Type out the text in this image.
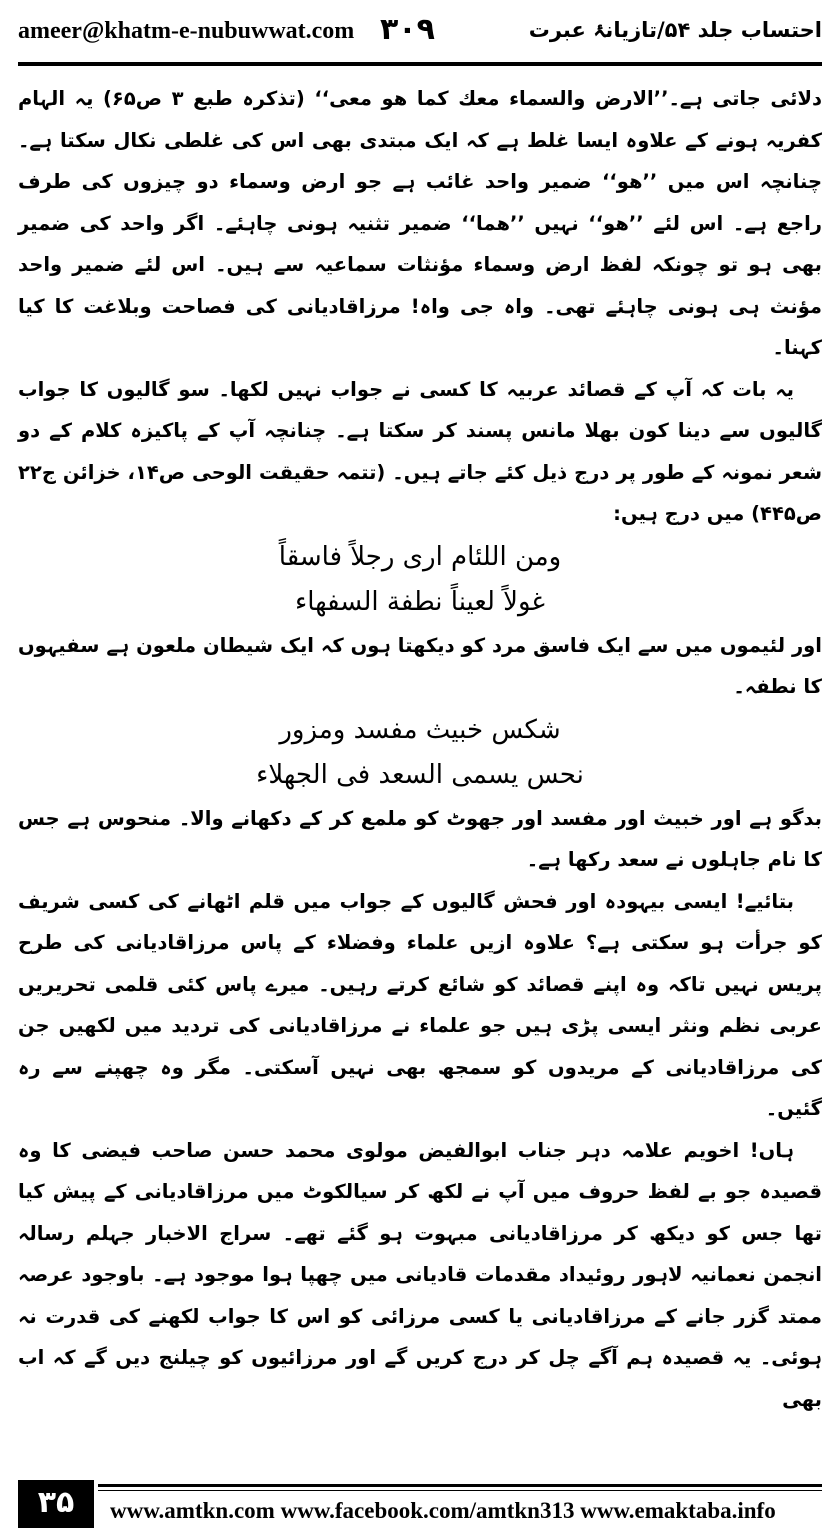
ameer@khatm-e-nubuwwat.com ۳۰۹	احتساب جلد ۵۴/تازیانۂ عبرت

دلائی جاتی ہے۔’’الارض والسماء معك كما هو معی‘‘ (تذکرہ طبع ۳ ص۶۵) یہ الہام کفریہ ہونے کے علاوہ ایسا غلط ہے کہ ایک مبتدی بھی اس کی غلطی نکال سکتا ہے۔ چنانچہ اس میں ’’ھو‘‘ ضمیر واحد غائب ہے جو ارض وسماء دو چیزوں کی طرف راجع ہے۔ اس لئے ’’ھو‘‘ نہیں ’’ھما‘‘ ضمیر تثنیہ ہونی چاہئے۔ اگر واحد کی ضمیر بھی ہو تو چونکہ لفظ ارض وسماء مؤنثات سماعیہ سے ہیں۔ اس لئے ضمیر واحد مؤنث ہی ہونی چاہئے تھی۔ واہ جی واہ! مرزاقادیانی کی فصاحت وبلاغت کا کیا کہنا۔

یہ بات کہ آپ کے قصائد عربیہ کا کسی نے جواب نہیں لکھا۔ سو گالیوں کا جواب گالیوں سے دینا کون بھلا مانس پسند کر سکتا ہے۔ چنانچہ آپ کے پاکیزہ کلام کے دو شعر نمونہ کے طور پر درج ذیل کئے جاتے ہیں۔ (تتمہ حقیقت الوحی ص۱۴، خزائن ج۲۲ ص۴۴۵) میں درج ہیں:

ومن اللئام ارى رجلاً فاسقاً

غولاً لعيناً نطفة السفهاء

اور لئیموں میں سے ایک فاسق مرد کو دیکھتا ہوں کہ ایک شیطان ملعون ہے سفیہوں کا نطفہ۔

شكس خبيث مفسد ومزور

نحس يسمى السعد فى الجهلاء

بدگو ہے اور خبیث اور مفسد اور جھوٹ کو ملمع کر کے دکھانے والا۔ منحوس ہے جس کا نام جاہلوں نے سعد رکھا ہے۔

بتائیے! ایسی بیہودہ اور فحش گالیوں کے جواب میں قلم اٹھانے کی کسی شریف کو جرأت ہو سکتی ہے؟ علاوہ ازیں علماء وفضلاء کے پاس مرزاقادیانی کی طرح پریس نہیں تاکہ وہ اپنے قصائد کو شائع کرتے رہیں۔ میرے پاس کئی قلمی تحریریں عربی نظم ونثر ایسی پڑی ہیں جو علماء نے مرزاقادیانی کی تردید میں لکھیں جن کی مرزاقادیانی کے مریدوں کو سمجھ بھی نہیں آسکتی۔ مگر وہ چھپنے سے رہ گئیں۔

ہاں! اخویم علامہ دہر جناب ابوالفیض مولوی محمد حسن صاحب فیضی کا وہ قصیدہ جو بے لفظ حروف میں آپ نے لکھ کر سیالکوٹ میں مرزاقادیانی کے پیش کیا تھا جس کو دیکھ کر مرزاقادیانی مبہوت ہو گئے تھے۔ سراج الاخبار جہلم رسالہ انجمن نعمانیہ لاہور روئیداد مقدمات قادیانی میں چھپا ہوا موجود ہے۔ باوجود عرصہ ممتد گزر جانے کے مرزاقادیانی یا کسی مرزائی کو اس کا جواب لکھنے کی قدرت نہ ہوئی۔ یہ قصیدہ ہم آگے چل کر درج کریں گے اور مرزائیوں کو چیلنج دیں گے کہ اب بھی

۳۵	www.amtkn.com www.facebook.com/amtkn313 www.emaktaba.info
